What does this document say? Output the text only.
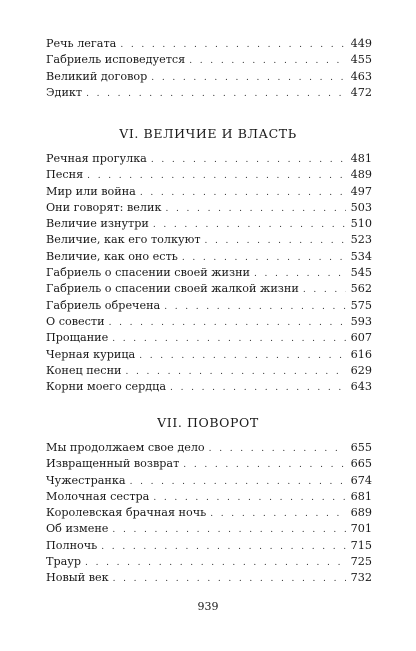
Речь легата . . .	449
Габриель исповедуется . . .	455
Великий договор . . .	463
Эдикт . . .	472
VI. ВЕЛИЧИЕ И ВЛАСТЬ
Речная прогулка . . .	481
Песня . . .	489
Мир или война . . .	497
Они говорят: велик . . .	503
Величие изнутри . . .	510
Величие, как его толкуют . . .	523
Величие, как оно есть . . .	534
Габриель о спасении своей жизни . . .	545
Габриель о спасении своей жалкой жизни . . .	562
Габриель обречена . . .	575
О совести . . .	593
Прощание . . .	607
Черная курица . . .	616
Конец песни . . .	629
Корни моего сердца . . .	643
VII. ПОВОРОТ
Мы продолжаем свое дело . . .	655
Извращенный возврат . . .	665
Чужестранка . . .	674
Молочная сестра . . .	681
Королевская брачная ночь . . .	689
Об измене . . .	701
Полночь . . .	715
Траур . . .	725
Новый век . . .	732
939
